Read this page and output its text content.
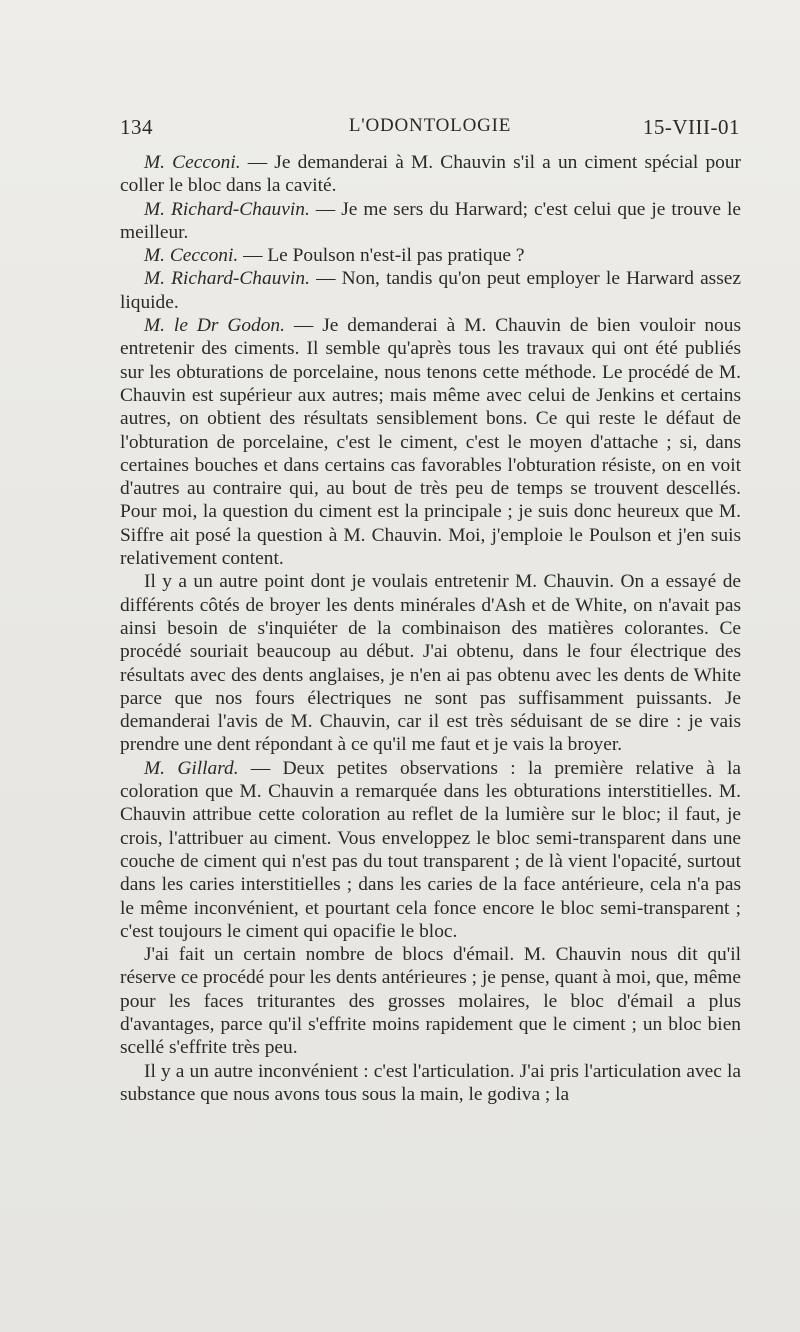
134	L'ODONTOLOGIE	15-VIII-01

M. Cecconi. — Je demanderai à M. Chauvin s'il a un ciment spécial pour coller le bloc dans la cavité.

M. Richard-Chauvin. — Je me sers du Harward; c'est celui que je trouve le meilleur.

M. Cecconi. — Le Poulson n'est-il pas pratique ?

M. Richard-Chauvin. — Non, tandis qu'on peut employer le Harward assez liquide.

M. le Dr Godon. — Je demanderai à M. Chauvin de bien vouloir nous entretenir des ciments. Il semble qu'après tous les travaux qui ont été publiés sur les obturations de porcelaine, nous tenons cette méthode. Le procédé de M. Chauvin est supérieur aux autres; mais même avec celui de Jenkins et certains autres, on obtient des résultats sensiblement bons. Ce qui reste le défaut de l'obturation de porcelaine, c'est le ciment, c'est le moyen d'attache ; si, dans certaines bouches et dans certains cas favorables l'obturation résiste, on en voit d'autres au contraire qui, au bout de très peu de temps se trouvent descellés. Pour moi, la question du ciment est la principale ; je suis donc heureux que M. Siffre ait posé la question à M. Chauvin. Moi, j'emploie le Poulson et j'en suis relativement content.

Il y a un autre point dont je voulais entretenir M. Chauvin. On a essayé de différents côtés de broyer les dents minérales d'Ash et de White, on n'avait pas ainsi besoin de s'inquiéter de la combinaison des matières colorantes. Ce procédé souriait beaucoup au début. J'ai obtenu, dans le four électrique des résultats avec des dents anglaises, je n'en ai pas obtenu avec les dents de White parce que nos fours électriques ne sont pas suffisamment puissants. Je demanderai l'avis de M. Chauvin, car il est très séduisant de se dire : je vais prendre une dent répondant à ce qu'il me faut et je vais la broyer.

M. Gillard. — Deux petites observations : la première relative à la coloration que M. Chauvin a remarquée dans les obturations interstitielles. M. Chauvin attribue cette coloration au reflet de la lumière sur le bloc; il faut, je crois, l'attribuer au ciment. Vous enveloppez le bloc semi-transparent dans une couche de ciment qui n'est pas du tout transparent ; de là vient l'opacité, surtout dans les caries interstitielles ; dans les caries de la face antérieure, cela n'a pas le même inconvénient, et pourtant cela fonce encore le bloc semi-transparent ; c'est toujours le ciment qui opacifie le bloc.

J'ai fait un certain nombre de blocs d'émail. M. Chauvin nous dit qu'il réserve ce procédé pour les dents antérieures ; je pense, quant à moi, que, même pour les faces triturantes des grosses molaires, le bloc d'émail a plus d'avantages, parce qu'il s'effrite moins rapidement que le ciment ; un bloc bien scellé s'effrite très peu.

Il y a un autre inconvénient : c'est l'articulation. J'ai pris l'articulation avec la substance que nous avons tous sous la main, le godiva ; la
